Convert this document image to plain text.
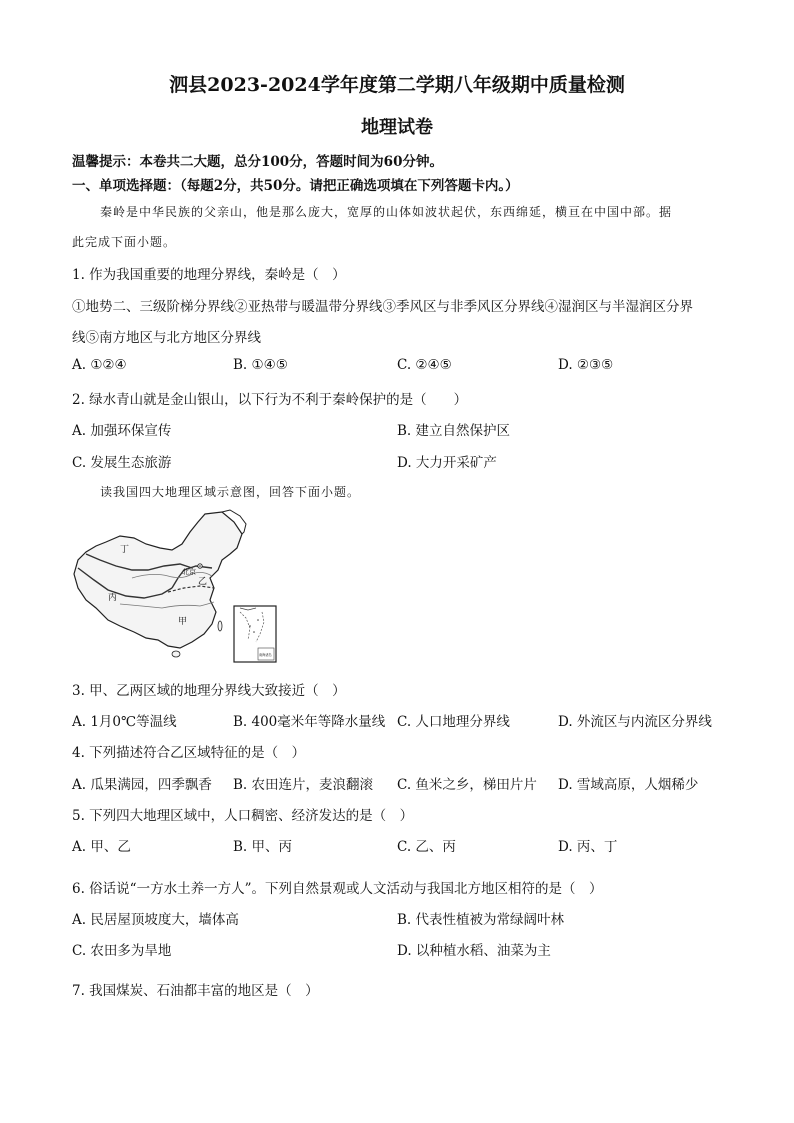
泗县2023-2024学年度第二学期八年级期中质量检测
地理试卷
温馨提示：本卷共二大题，总分100分，答题时间为60分钟。
一、单项选择题：（每题2分，共50分。请把正确选项填在下列答题卡内。）
秦岭是中华民族的父亲山，他是那么庞大，宽厚的山体如波状起伏，东西绵延，横亘在中国中部。据
此完成下面小题。
1. 作为我国重要的地理分界线，秦岭是（　）
①地势二、三级阶梯分界线②亚热带与暖温带分界线③季风区与非季风区分界线④湿润区与半湿润区分界
线⑤南方地区与北方地区分界线
A. ①②④	B. ①④⑤	C. ②④⑤	D. ②③⑤
2. 绿水青山就是金山银山，以下行为不利于秦岭保护的是（　　）
A. 加强环保宣传	B. 建立自然保护区
C. 发展生态旅游	D. 大力开采矿产
读我国四大地理区域示意图，回答下面小题。
丁
丙
甲
乙
北京
南海诸岛
3. 甲、乙两区域的地理分界线大致接近（　）
A. 1月0℃等温线	B. 400毫米年等降水量线 C. 人口地理分界线	D. 外流区与内流区分界线
4. 下列描述符合乙区域特征的是（　）
A. 瓜果满园，四季飘香 B. 农田连片，麦浪翻滚 C. 鱼米之乡，梯田片片 D. 雪域高原，人烟稀少
5. 下列四大地理区域中，人口稠密、经济发达的是（　）
A. 甲、乙	B. 甲、丙	C. 乙、丙	D. 丙、丁
6. 俗话说“一方水土养一方人”。下列自然景观或人文活动与我国北方地区相符的是（　）
A. 民居屋顶坡度大，墙体高	B. 代表性植被为常绿阔叶林
C. 农田多为旱地	D. 以种植水稻、油菜为主
7. 我国煤炭、石油都丰富的地区是（　）
